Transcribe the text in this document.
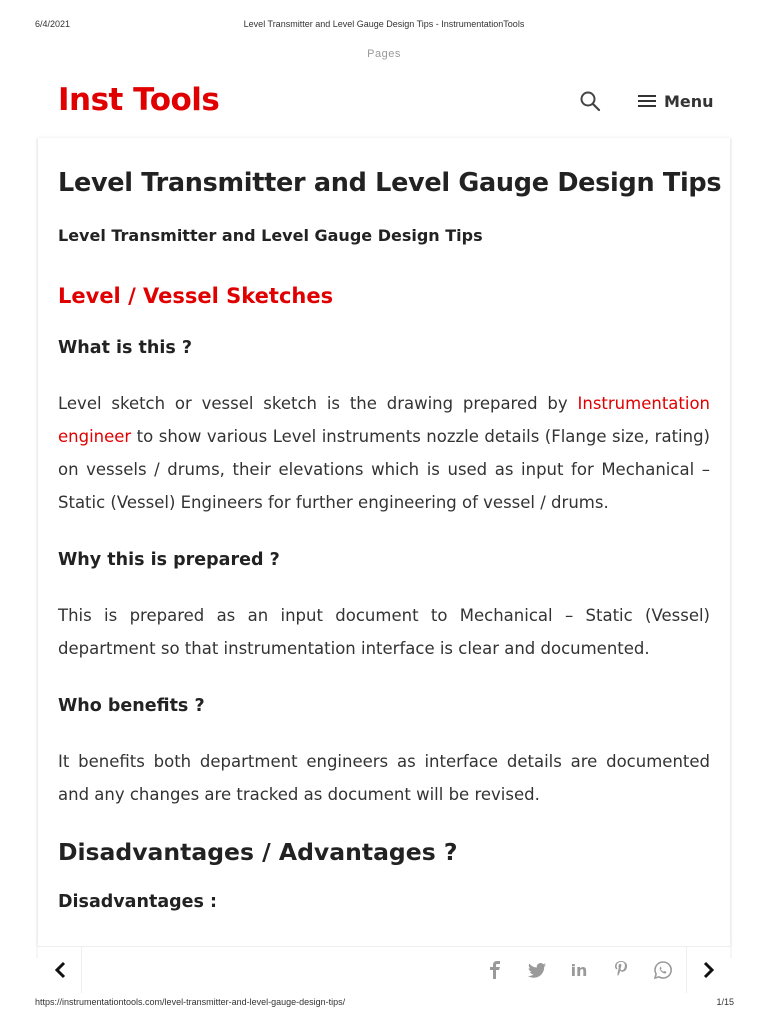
6/4/2021	Level Transmitter and Level Gauge Design Tips - InstrumentationTools
Pages
Inst Tools	Menu
Level Transmitter and Level Gauge Design Tips
Level Transmitter and Level Gauge Design Tips
Level / Vessel Sketches
What is this ?
Level sketch or vessel sketch is the drawing prepared by Instrumentation engineer to show various Level instruments nozzle details (Flange size, rating) on vessels / drums, their elevations which is used as input for Mechanical – Static (Vessel) Engineers for further engineering of vessel / drums.
Why this is prepared ?
This is prepared as an input document to Mechanical – Static (Vessel) department so that instrumentation interface is clear and documented.
Who benefits ?
It benefits both department engineers as interface details are documented and any changes are tracked as document will be revised.
Disadvantages / Advantages ?
Disadvantages :
in
https://instrumentationtools.com/level-transmitter-and-level-gauge-design-tips/	1/15
